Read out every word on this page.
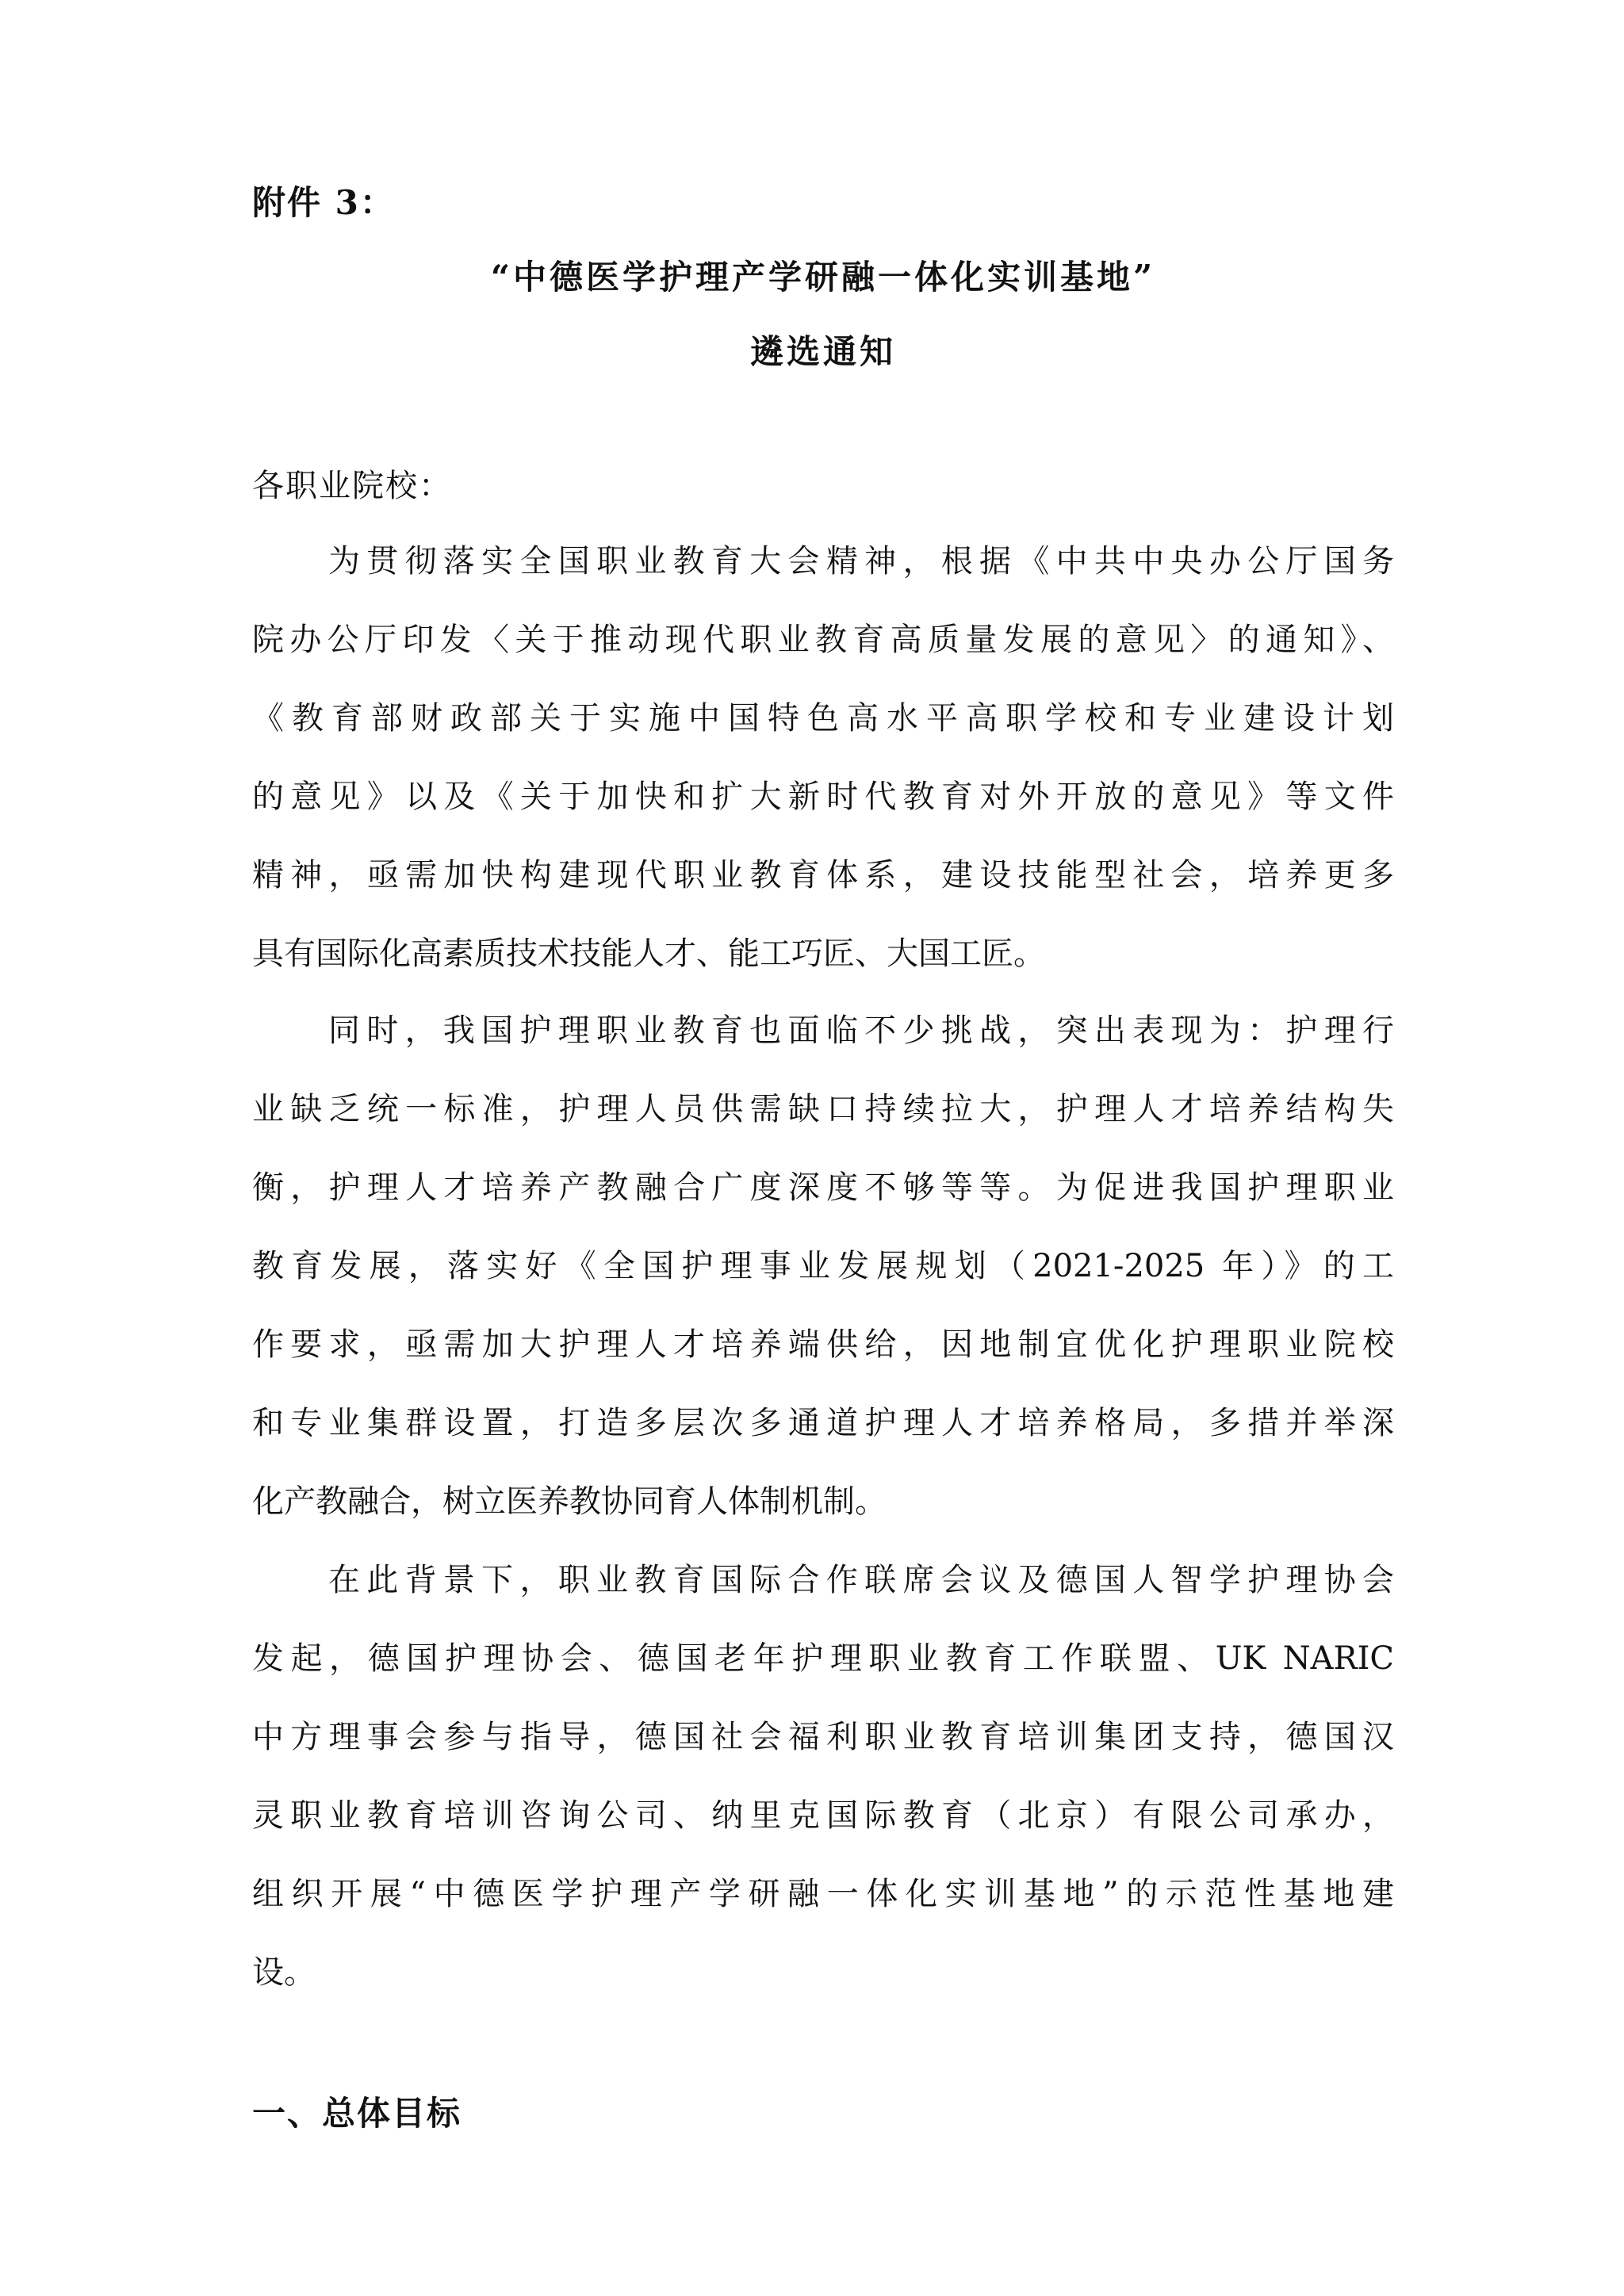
附件 3：
“中德医学护理产学研融一体化实训基地”
遴选通知
各职业院校：
为贯彻落实全国职业教育大会精神，根据《中共中央办公厅国务
院办公厅印发〈关于推动现代职业教育高质量发展的意见〉的通知》、
《教育部财政部关于实施中国特色高水平高职学校和专业建设计划
的意见》以及《关于加快和扩大新时代教育对外开放的意见》等文件
精神，亟需加快构建现代职业教育体系，建设技能型社会，培养更多
具有国际化高素质技术技能人才、能工巧匠、大国工匠。
同时，我国护理职业教育也面临不少挑战，突出表现为：护理行
业缺乏统一标准，护理人员供需缺口持续拉大，护理人才培养结构失
衡，护理人才培养产教融合广度深度不够等等。为促进我国护理职业
教育发展，落实好《全国护理事业发展规划（2021-2025 年）》的工
作要求，亟需加大护理人才培养端供给，因地制宜优化护理职业院校
和专业集群设置，打造多层次多通道护理人才培养格局，多措并举深
化产教融合，树立医养教协同育人体制机制。
在此背景下，职业教育国际合作联席会议及德国人智学护理协会
发起，德国护理协会、德国老年护理职业教育工作联盟、UK NARIC
中方理事会参与指导，德国社会福利职业教育培训集团支持，德国汉
灵职业教育培训咨询公司、纳里克国际教育（北京）有限公司承办，
组织开展“中德医学护理产学研融一体化实训基地”的示范性基地建
设。
一、总体目标
